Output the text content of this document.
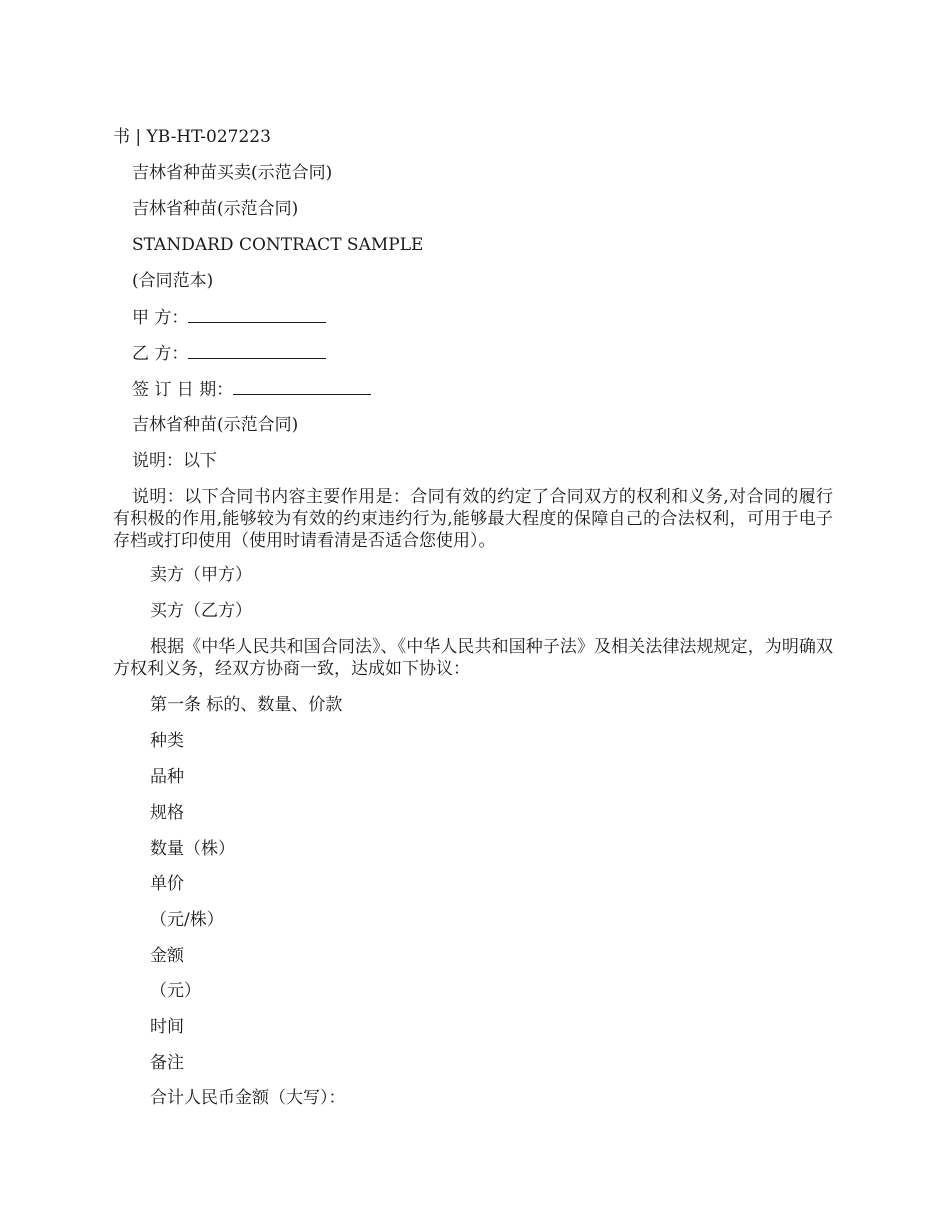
书 | YB-HT-027223
吉林省种苗买卖(示范合同)
吉林省种苗(示范合同)
STANDARD CONTRACT SAMPLE
(合同范本)
甲 方：
乙 方：
签 订 日 期：
吉林省种苗(示范合同)
说明：以下
说明：以下合同书内容主要作用是：合同有效的约定了合同双方的权利和义务,对合同的履行有积极的作用,能够较为有效的约束违约行为,能够最大程度的保障自己的合法权利，可用于电子存档或打印使用（使用时请看清是否适合您使用）。
卖方（甲方）
买方（乙方）
根据《中华人民共和国合同法》、《中华人民共和国种子法》及相关法律法规规定，为明确双方权利义务，经双方协商一致，达成如下协议：
第一条 标的、数量、价款
种类
品种
规格
数量（株）
单价
（元/株）
金额
（元）
时间
备注
合计人民币金额（大写）：
